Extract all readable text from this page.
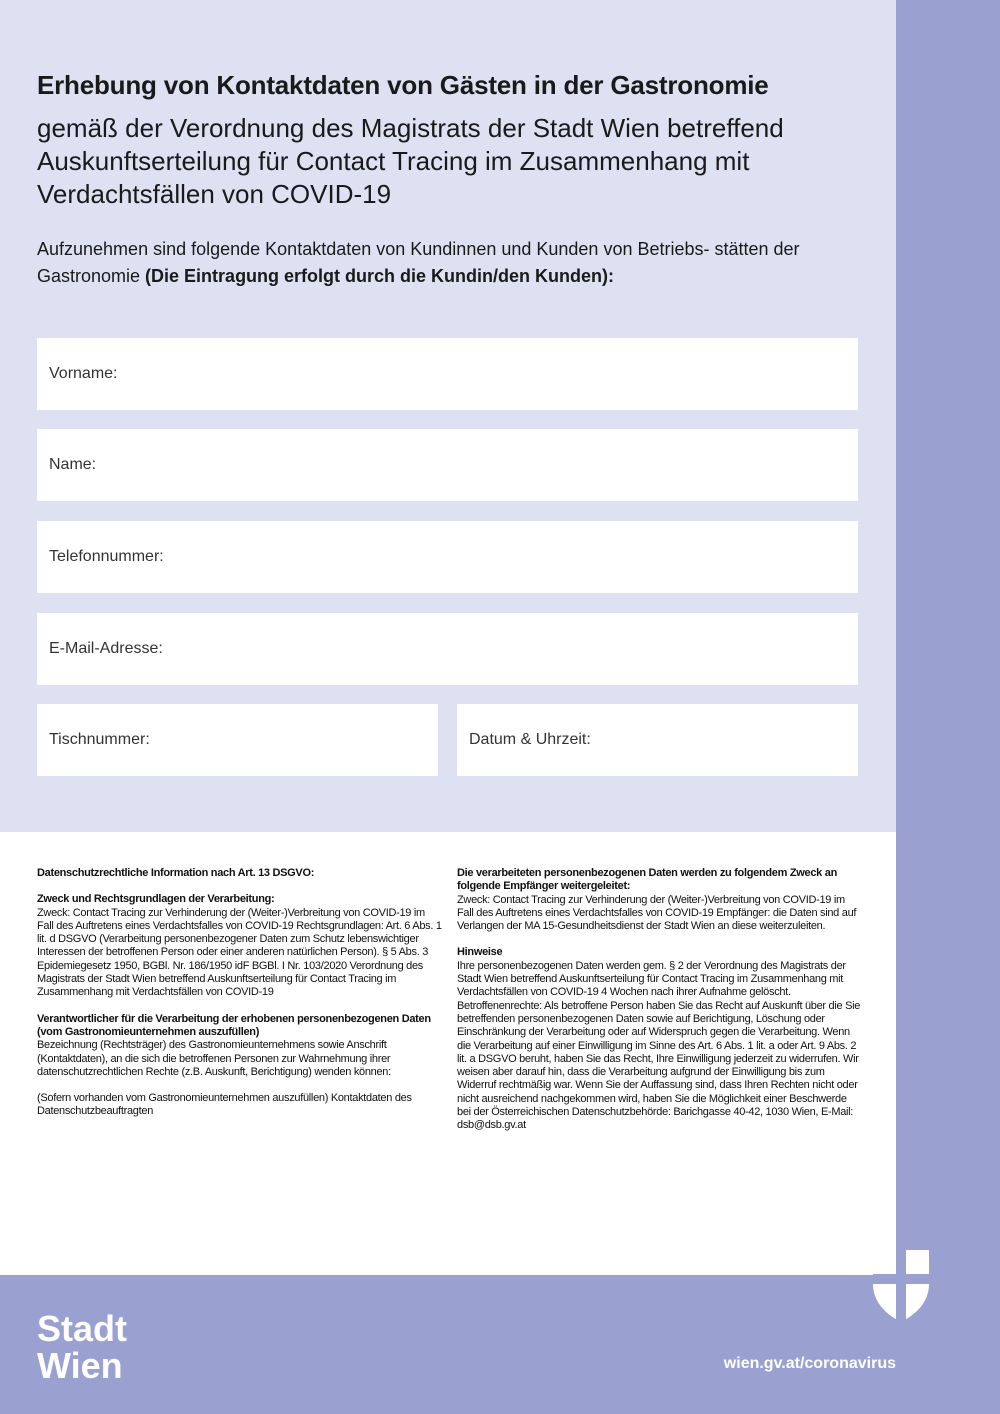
Erhebung von Kontaktdaten von Gästen in der Gastronomie
gemäß der Verordnung des Magistrats der Stadt Wien betreffend Auskunftserteilung für Contact Tracing im Zusammenhang mit Verdachtsfällen von COVID-19
Aufzunehmen sind folgende Kontaktdaten von Kundinnen und Kunden von Betriebs- stätten der Gastronomie (Die Eintragung erfolgt durch die Kundin/den Kunden):
Vorname:
Name:
Telefonnummer:
E-Mail-Adresse:
Tischnummer:	Datum & Uhrzeit:

Datenschutzrechtliche Information nach Art. 13 DSGVO:

Zweck und Rechtsgrundlagen der Verarbeitung:
Zweck: Contact Tracing zur Verhinderung der (Weiter-)Verbreitung von COVID-19 im Fall des Auftretens eines Verdachtsfalles von COVID-19 Rechtsgrundlagen: Art. 6 Abs. 1 lit. d DSGVO (Verarbeitung personenbezogener Daten zum Schutz lebenswichtiger Interessen der betroffenen Person oder einer anderen natürlichen Person). § 5 Abs. 3 Epidemiegesetz 1950, BGBl. Nr. 186/1950 idF BGBl. I Nr. 103/2020 Verordnung des Magistrats der Stadt Wien betreffend Auskunftserteilung für Contact Tracing im Zusammenhang mit Verdachtsfällen von COVID-19

Verantwortlicher für die Verarbeitung der erhobenen personenbezogenen Daten (vom Gastronomieunternehmen auszufüllen)
Bezeichnung (Rechtsträger) des Gastronomieunternehmens sowie Anschrift (Kontaktdaten), an die sich die betroffenen Personen zur Wahrnehmung ihrer datenschutzrechtlichen Rechte (z.B. Auskunft, Berichtigung) wenden können:

(Sofern vorhanden vom Gastronomieunternehmen auszufüllen) Kontaktdaten des Datenschutzbeauftragten

Die verarbeiteten personenbezogenen Daten werden zu folgendem Zweck an folgende Empfänger weitergeleitet:
Zweck: Contact Tracing zur Verhinderung der (Weiter-)Verbreitung von COVID-19 im Fall des Auftretens eines Verdachtsfalles von COVID-19 Empfänger: die Daten sind auf Verlangen der MA 15-Gesundheitsdienst der Stadt Wien an diese weiterzuleiten.

Hinweise
Ihre personenbezogenen Daten werden gem. § 2 der Verordnung des Magistrats der Stadt Wien betreffend Auskunftserteilung für Contact Tracing im Zusammenhang mit Verdachtsfällen von COVID-19 4 Wochen nach ihrer Aufnahme gelöscht. Betroffenenrechte: Als betroffene Person haben Sie das Recht auf Auskunft über die Sie betreffenden personenbezogenen Daten sowie auf Berichtigung, Löschung oder Einschränkung der Verarbeitung oder auf Widerspruch gegen die Verarbeitung. Wenn die Verarbeitung auf einer Einwilligung im Sinne des Art. 6 Abs. 1 lit. a oder Art. 9 Abs. 2 lit. a DSGVO beruht, haben Sie das Recht, Ihre Einwilligung jederzeit zu widerrufen. Wir weisen aber darauf hin, dass die Verarbeitung aufgrund der Einwilligung bis zum Widerruf rechtmäßig war. Wenn Sie der Auffassung sind, dass Ihren Rechten nicht oder nicht ausreichend nachgekommen wird, haben Sie die Möglichkeit einer Beschwerde bei der Österreichischen Datenschutzbehörde: Barichgasse 40-42, 1030 Wien, E-Mail: dsb@dsb.gv.at

Stadt
Wien	wien.gv.at/coronavirus
